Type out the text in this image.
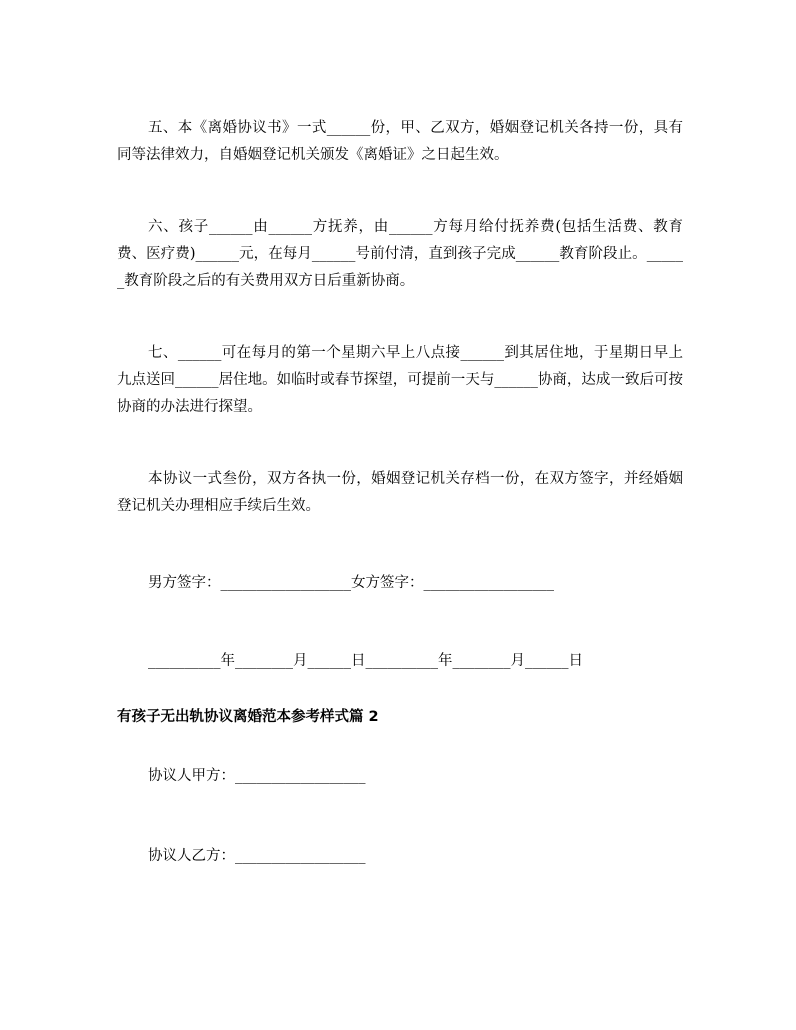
五、本《离婚协议书》一式______份，甲、乙双方，婚姻登记机关各持一份，具有同等法律效力，自婚姻登记机关颁发《离婚证》之日起生效。

六、孩子______由______方抚养，由______方每月给付抚养费(包括生活费、教育费、医疗费)______元，在每月______号前付清，直到孩子完成______教育阶段止。______教育阶段之后的有关费用双方日后重新协商。

七、______可在每月的第一个星期六早上八点接______到其居住地，于星期日早上九点送回______居住地。如临时或春节探望，可提前一天与______协商，达成一致后可按协商的办法进行探望。

本协议一式叁份，双方各执一份，婚姻登记机关存档一份，在双方签字，并经婚姻登记机关办理相应手续后生效。

男方签字：__________________女方签字：__________________

__________年________月______日__________年________月______日

有孩子无出轨协议离婚范本参考样式篇 2

协议人甲方：__________________

协议人乙方：__________________
